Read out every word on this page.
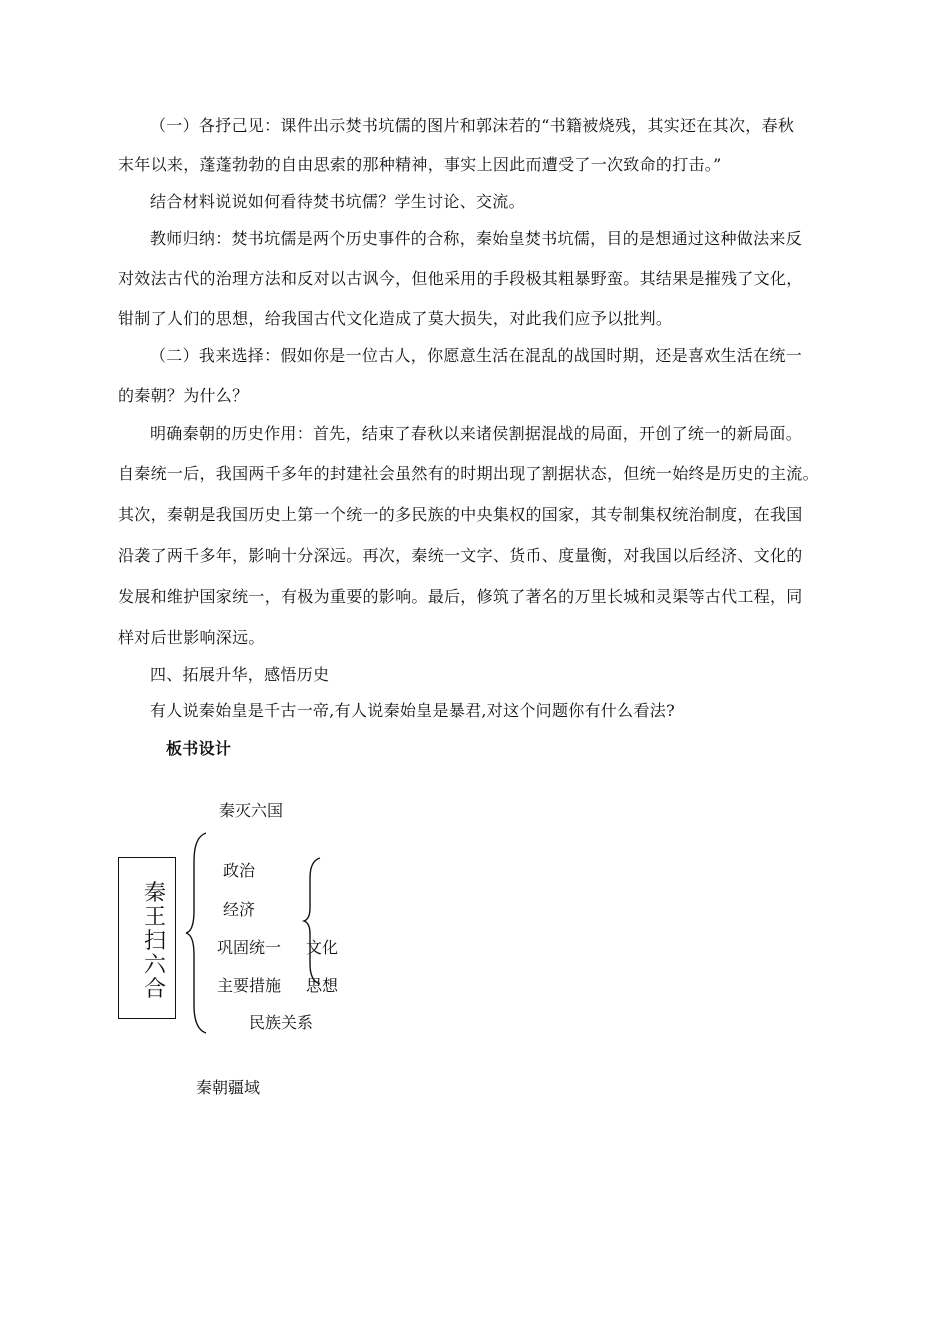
（一）各抒己见：课件出示焚书坑儒的图片和郭沫若的“书籍被烧残，其实还在其次，春秋
末年以来，蓬蓬勃勃的自由思索的那种精神，事实上因此而遭受了一次致命的打击。”
结合材料说说如何看待焚书坑儒？学生讨论、交流。
教师归纳：焚书坑儒是两个历史事件的合称，秦始皇焚书坑儒，目的是想通过这种做法来反
对效法古代的治理方法和反对以古讽今，但他采用的手段极其粗暴野蛮。其结果是摧残了文化，
钳制了人们的思想，给我国古代文化造成了莫大损失，对此我们应予以批判。
（二）我来选择：假如你是一位古人，你愿意生活在混乱的战国时期，还是喜欢生活在统一
的秦朝？为什么？
明确秦朝的历史作用：首先，结束了春秋以来诸侯割据混战的局面，开创了统一的新局面。
自秦统一后，我国两千多年的封建社会虽然有的时期出现了割据状态，但统一始终是历史的主流。
其次，秦朝是我国历史上第一个统一的多民族的中央集权的国家，其专制集权统治制度，在我国
沿袭了两千多年，影响十分深远。再次，秦统一文字、货币、度量衡，对我国以后经济、文化的
发展和维护国家统一，有极为重要的影响。最后，修筑了著名的万里长城和灵渠等古代工程，同
样对后世影响深远。
四、拓展升华，感悟历史
有人说秦始皇是千古一帝,有人说秦始皇是暴君,对这个问题你有什么看法?
板书设计
秦灭六国
秦王扫六合
政治
经济
巩固统一 文化
主要措施 思想
民族关系
秦朝疆域
